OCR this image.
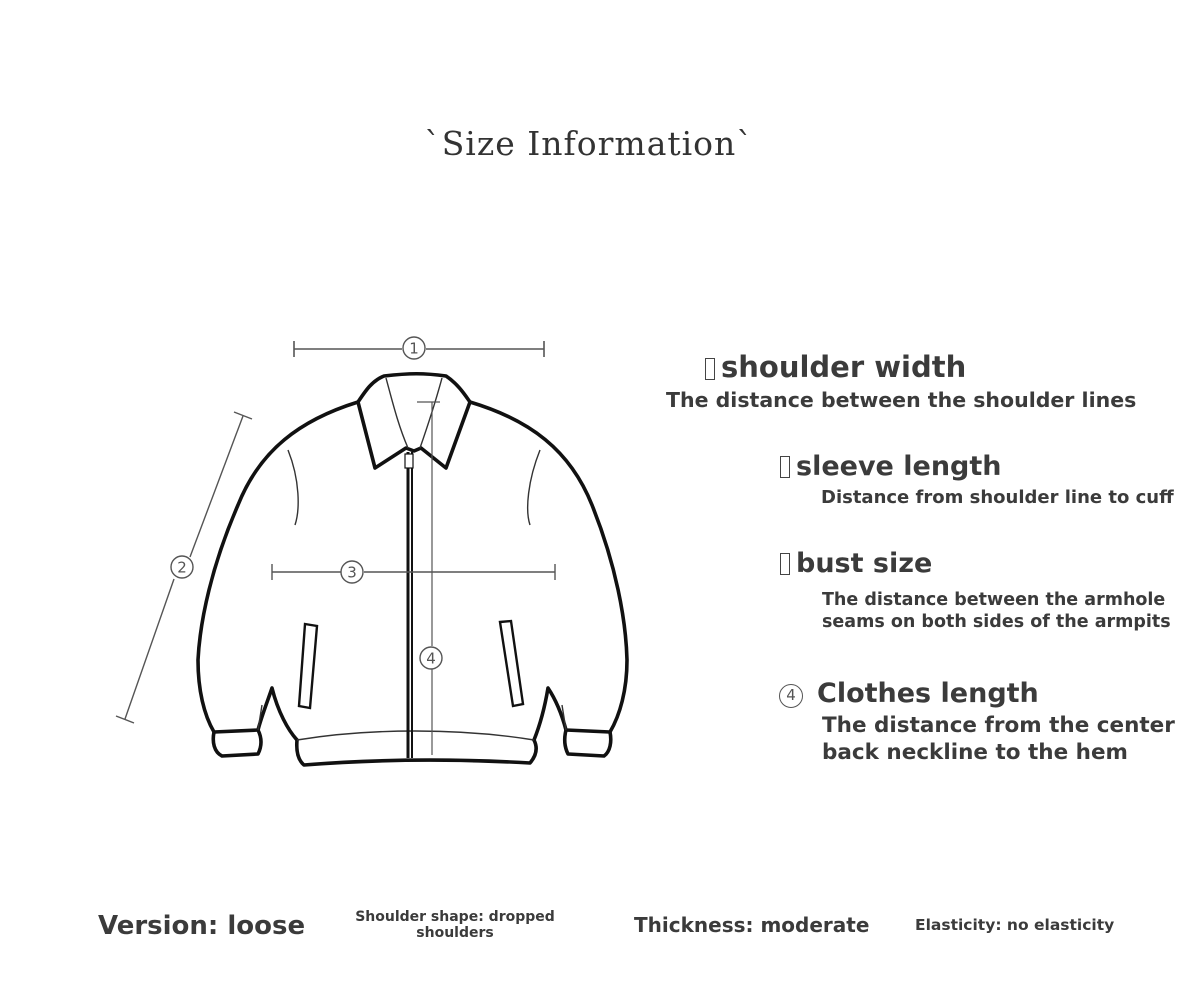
`Size Information`
1
2	3
4
shoulder width
The distance between the shoulder lines
sleeve length
Distance from shoulder line to cuff
bust size
The distance between the armhole
seams on both sides of the armpits
4 Clothes length
The distance from the center
back neckline to the hem
Version: loose	Shoulder shape: dropped
shoulders	Thickness: moderate	Elasticity: no elasticity
